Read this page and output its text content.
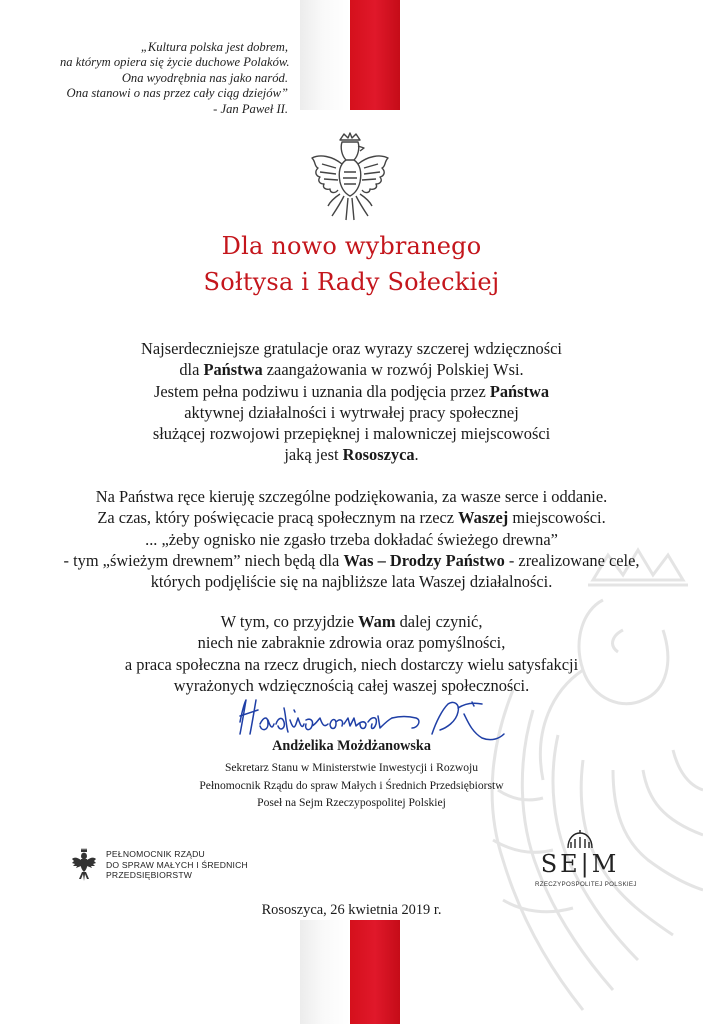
„Kultura polska jest dobrem,
na którym opiera się życie duchowe Polaków.
Ona wyodrębnia nas jako naród.
Ona stanowi o nas przez cały ciąg dziejów”
- Jan Paweł II.
Dla nowo wybranego
Sołtysa i Rady Sołeckiej
Najserdeczniejsze gratulacje oraz wyrazy szczerej wdzięczności
dla Państwa zaangażowania w rozwój Polskiej Wsi.
Jestem pełna podziwu i uznania dla podjęcia przez Państwa
aktywnej działalności i wytrwałej pracy społecznej
służącej rozwojowi przepięknej i malowniczej miejscowości
jaką jest Rososzyca.
Na Państwa ręce kieruję szczególne podziękowania, za wasze serce i oddanie.
Za czas, który poświęcacie pracą społecznym na rzecz Waszej miejscowości.
... „żeby ognisko nie zgasło trzeba dokładać świeżego drewna”
- tym „świeżym drewnem” niech będą dla Was – Drodzy Państwo - zrealizowane cele,
których podjęliście się na najbliższe lata Waszej działalności.
W tym, co przyjdzie Wam dalej czynić,
niech nie zabraknie zdrowia oraz pomyślności,
a praca społeczna na rzecz drugich, niech dostarczy wielu satysfakcji
wyrażonych wdzięcznością całej waszej społeczności.
Andżelika Możdżanowska
Sekretarz Stanu w Ministerstwie Inwestycji i Rozwoju
Pełnomocnik Rządu do spraw Małych i Średnich Przedsiębiorstw
Poseł na Sejm Rzeczypospolitej Polskiej
PEŁNOMOCNIK RZĄDU
DO SPRAW MAŁYCH I ŚREDNICH
PRZEDSIĘBIORSTW	SE|M
RZECZYPOSPOLITEJ POLSKIEJ
Rososzyca, 26 kwietnia 2019 r.
